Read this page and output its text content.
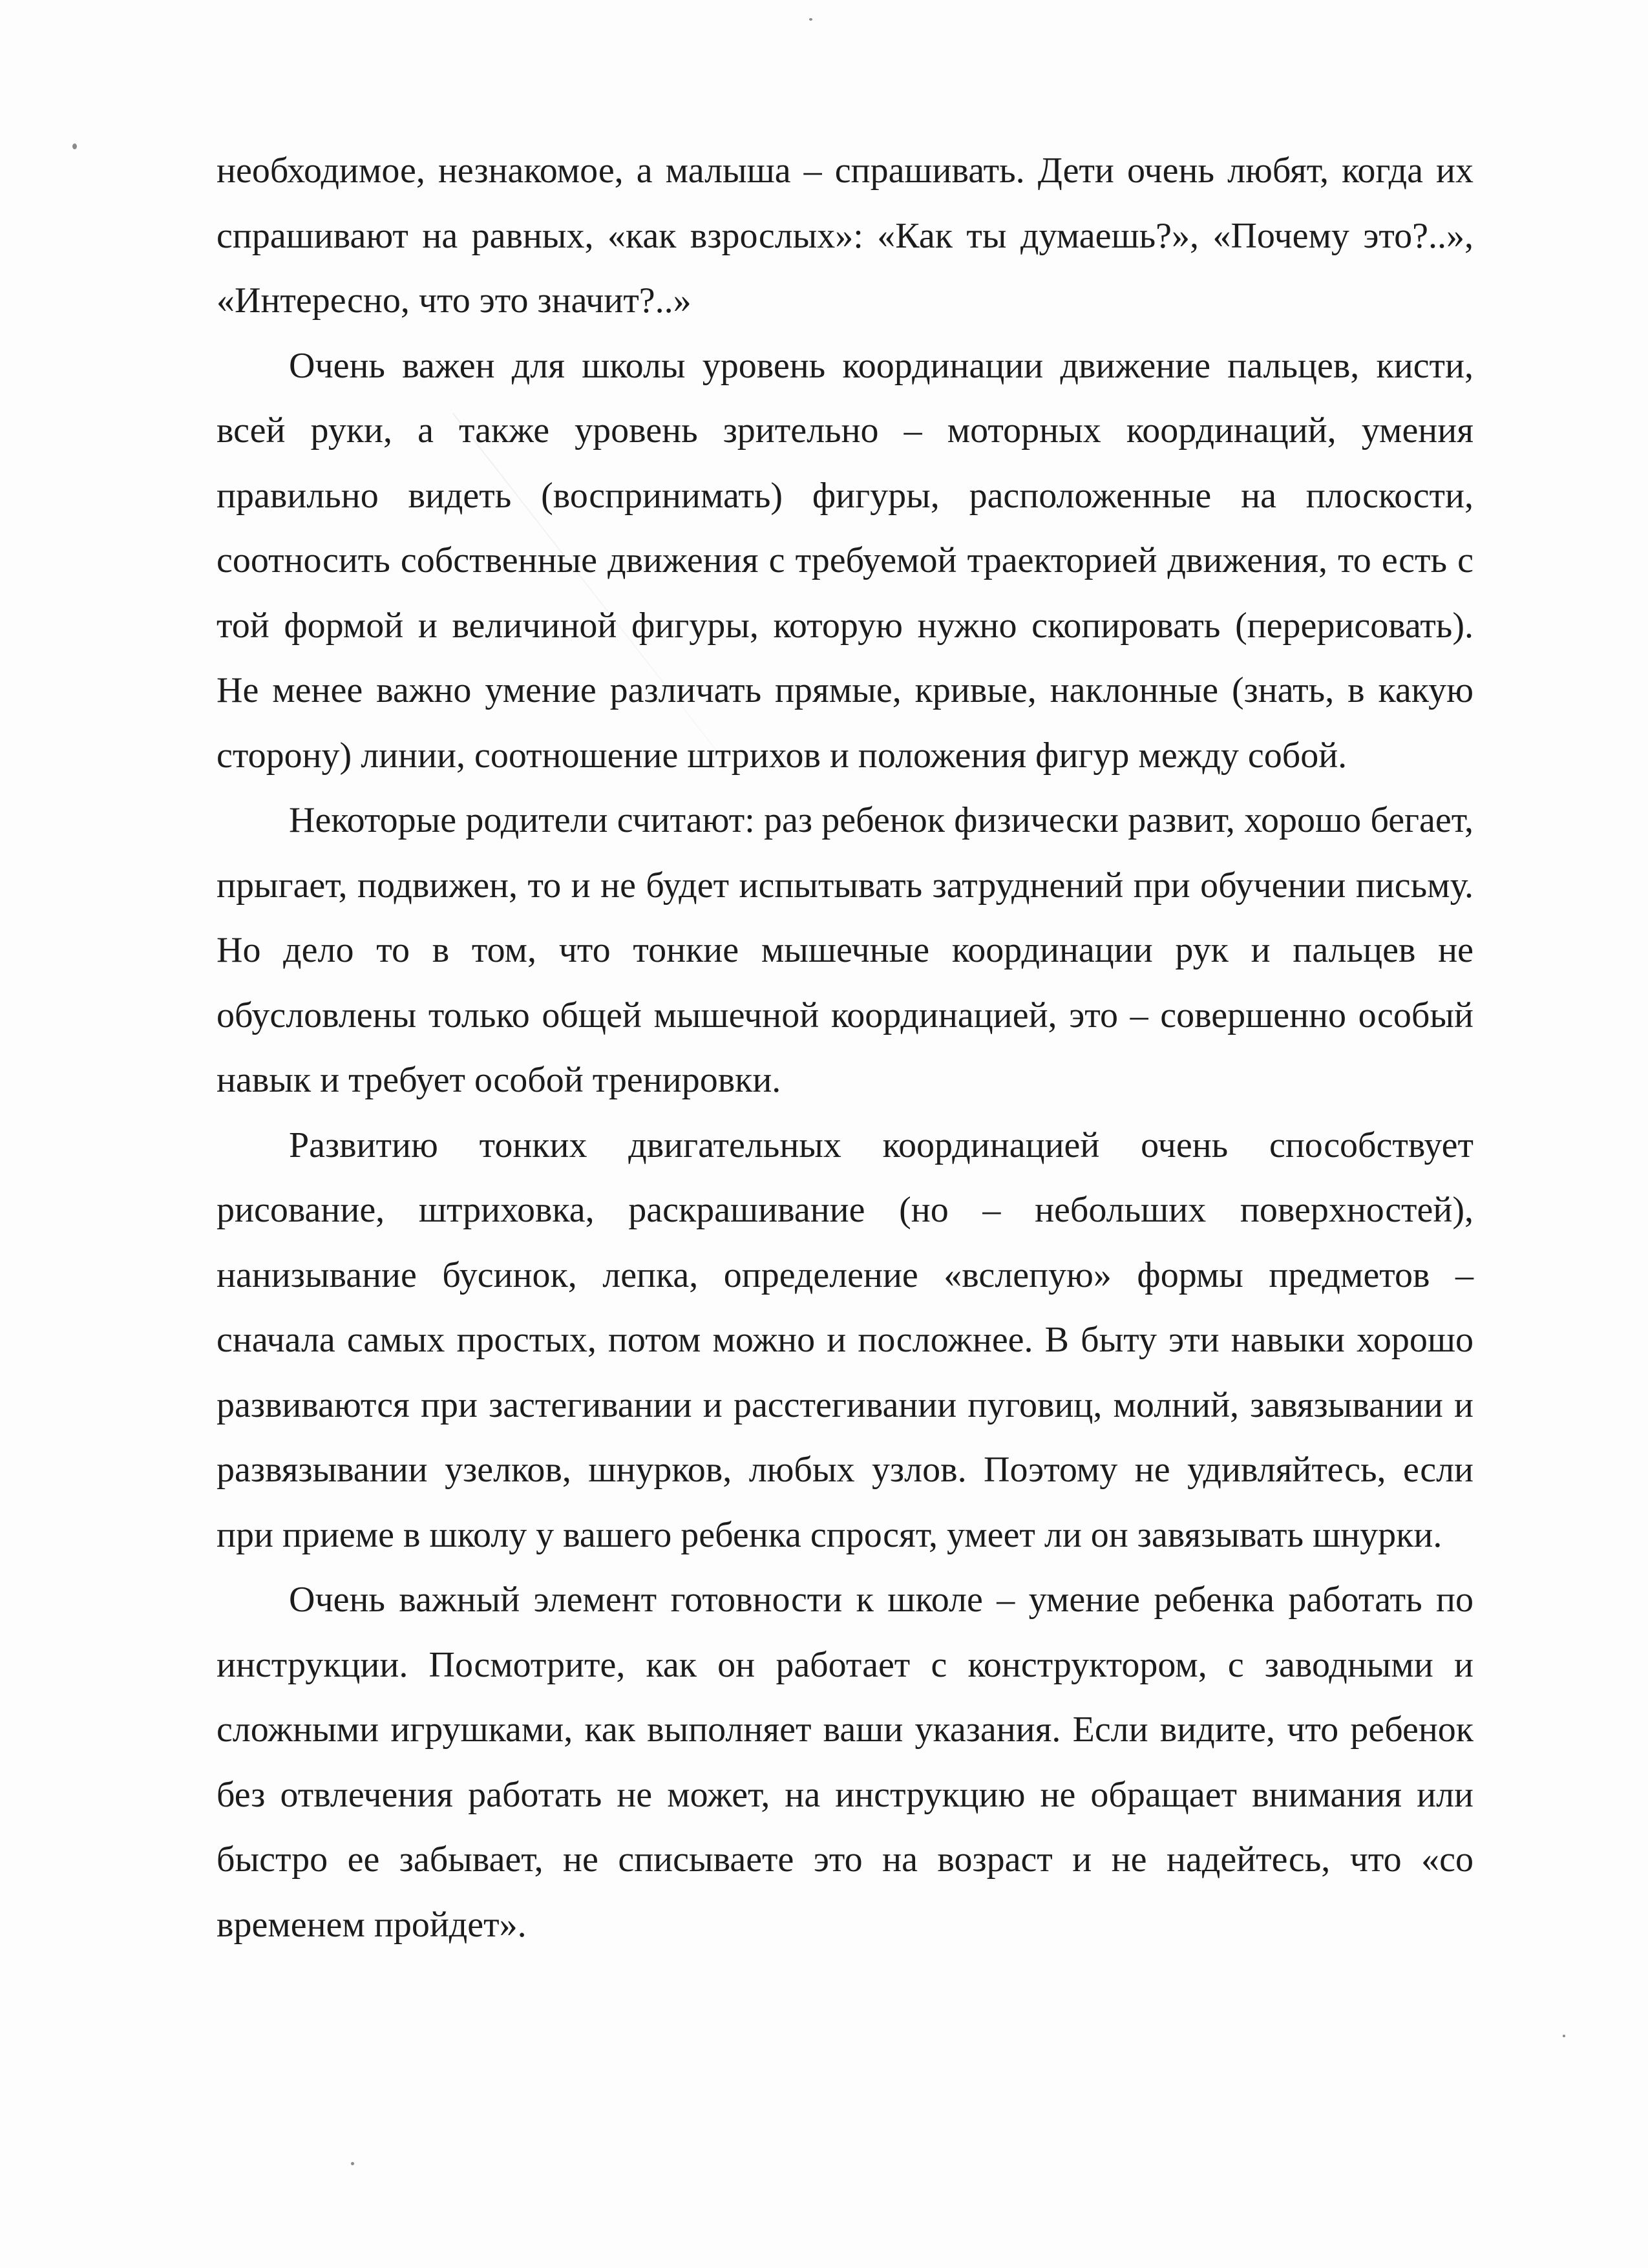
необходимое, незнакомое, а малыша – спрашивать. Дети очень любят, когда их спрашивают на равных, «как взрослых»: «Как ты думаешь?», «Почему это?..», «Интересно, что это значит?..»

Очень важен для школы уровень координации движение пальцев, кисти, всей руки, а также уровень зрительно – моторных координаций, умения правильно видеть (воспринимать) фигуры, расположенные на плоскости, соотносить собственные движения с требуемой траекторией движения, то есть с той формой и величиной фигуры, которую нужно скопировать (перерисовать). Не менее важно умение различать прямые, кривые, наклонные (знать, в какую сторону) линии, соотношение штрихов и положения фигур между собой.

Некоторые родители считают: раз ребенок физически развит, хорошо бегает, прыгает, подвижен, то и не будет испытывать затруднений при обучении письму. Но дело то в том, что тонкие мышечные координации рук и пальцев не обусловлены только общей мышечной координацией, это – совершенно особый навык и требует особой тренировки.

Развитию тонких двигательных координацией очень способствует рисование, штриховка, раскрашивание (но – небольших поверхностей), нанизывание бусинок, лепка, определение «вслепую» формы предметов – сначала самых простых, потом можно и посложнее. В быту эти навыки хорошо развиваются при застегивании и расстегивании пуговиц, молний, завязывании и развязывании узелков, шнурков, любых узлов. Поэтому не удивляйтесь, если при приеме в школу у вашего ребенка спросят, умеет ли он завязывать шнурки.

Очень важный элемент готовности к школе – умение ребенка работать по инструкции. Посмотрите, как он работает с конструктором, с заводными и сложными игрушками, как выполняет ваши указания. Если видите, что ребенок без отвлечения работать не может, на инструкцию не обращает внимания или быстро ее забывает, не списываете это на возраст и не надейтесь, что «со временем пройдет».
